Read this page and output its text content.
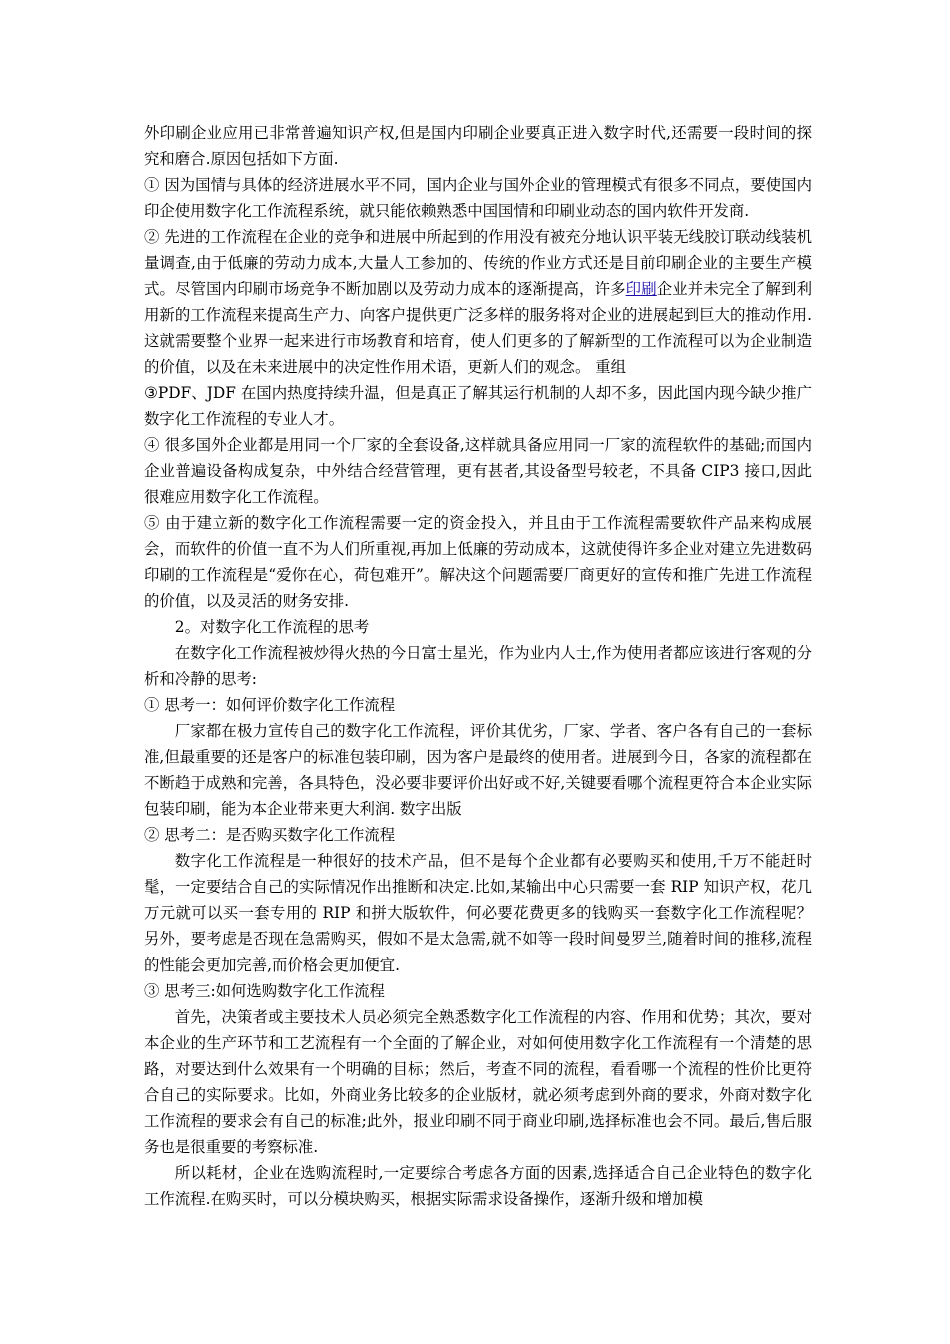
外印刷企业应用已非常普遍知识产权,但是国内印刷企业要真正进入数字时代,还需要一段时间的探究和磨合.原因包括如下方面.

① 因为国情与具体的经济进展水平不同，国内企业与国外企业的管理模式有很多不同点，要使国内印企使用数字化工作流程系统，就只能依赖熟悉中国国情和印刷业动态的国内软件开发商.

② 先进的工作流程在企业的竞争和进展中所起到的作用没有被充分地认识平装无线胶订联动线装机量调查,由于低廉的劳动力成本,大量人工参加的、传统的作业方式还是目前印刷企业的主要生产模式。尽管国内印刷市场竞争不断加剧以及劳动力成本的逐渐提高，许多印刷企业并未完全了解到利用新的工作流程来提高生产力、向客户提供更广泛多样的服务将对企业的进展起到巨大的推动作用.这就需要整个业界一起来进行市场教育和培育，使人们更多的了解新型的工作流程可以为企业制造的价值，以及在未来进展中的决定性作用术语，更新人们的观念。 重组

③PDF、JDF 在国内热度持续升温，但是真正了解其运行机制的人却不多，因此国内现今缺少推广数字化工作流程的专业人才。

④ 很多国外企业都是用同一个厂家的全套设备,这样就具备应用同一厂家的流程软件的基础;而国内企业普遍设备构成复杂，中外结合经营管理，更有甚者,其设备型号较老，不具备 CIP3 接口,因此很难应用数字化工作流程。

⑤ 由于建立新的数字化工作流程需要一定的资金投入，并且由于工作流程需要软件产品来构成展会，而软件的价值一直不为人们所重视,再加上低廉的劳动成本，这就使得许多企业对建立先进数码印刷的工作流程是“爱你在心，荷包难开”。解决这个问题需要厂商更好的宣传和推广先进工作流程的价值，以及灵活的财务安排.

2。对数字化工作流程的思考

在数字化工作流程被炒得火热的今日富士星光，作为业内人士,作为使用者都应该进行客观的分析和冷静的思考:

① 思考一：如何评价数字化工作流程

厂家都在极力宣传自己的数字化工作流程，评价其优劣，厂家、学者、客户各有自己的一套标准,但最重要的还是客户的标准包装印刷，因为客户是最终的使用者。进展到今日，各家的流程都在不断趋于成熟和完善，各具特色，没必要非要评价出好或不好,关键要看哪个流程更符合本企业实际包装印刷，能为本企业带来更大利润. 数字出版

② 思考二：是否购买数字化工作流程

数字化工作流程是一种很好的技术产品，但不是每个企业都有必要购买和使用,千万不能赶时髦，一定要结合自己的实际情况作出推断和决定.比如,某输出中心只需要一套 RIP 知识产权，花几万元就可以买一套专用的 RIP 和拼大版软件，何必要花费更多的钱购买一套数字化工作流程呢？另外，要考虑是否现在急需购买，假如不是太急需,就不如等一段时间曼罗兰,随着时间的推移,流程的性能会更加完善,而价格会更加便宜.

③ 思考三:如何选购数字化工作流程

首先，决策者或主要技术人员必须完全熟悉数字化工作流程的内容、作用和优势；其次，要对本企业的生产环节和工艺流程有一个全面的了解企业，对如何使用数字化工作流程有一个清楚的思路，对要达到什么效果有一个明确的目标；然后，考查不同的流程，看看哪一个流程的性价比更符合自己的实际要求。比如，外商业务比较多的企业版材，就必须考虑到外商的要求，外商对数字化工作流程的要求会有自己的标准;此外，报业印刷不同于商业印刷,选择标准也会不同。最后,售后服务也是很重要的考察标准.

所以耗材，企业在选购流程时,一定要综合考虑各方面的因素,选择适合自己企业特色的数字化工作流程.在购买时，可以分模块购买，根据实际需求设备操作，逐渐升级和增加模
